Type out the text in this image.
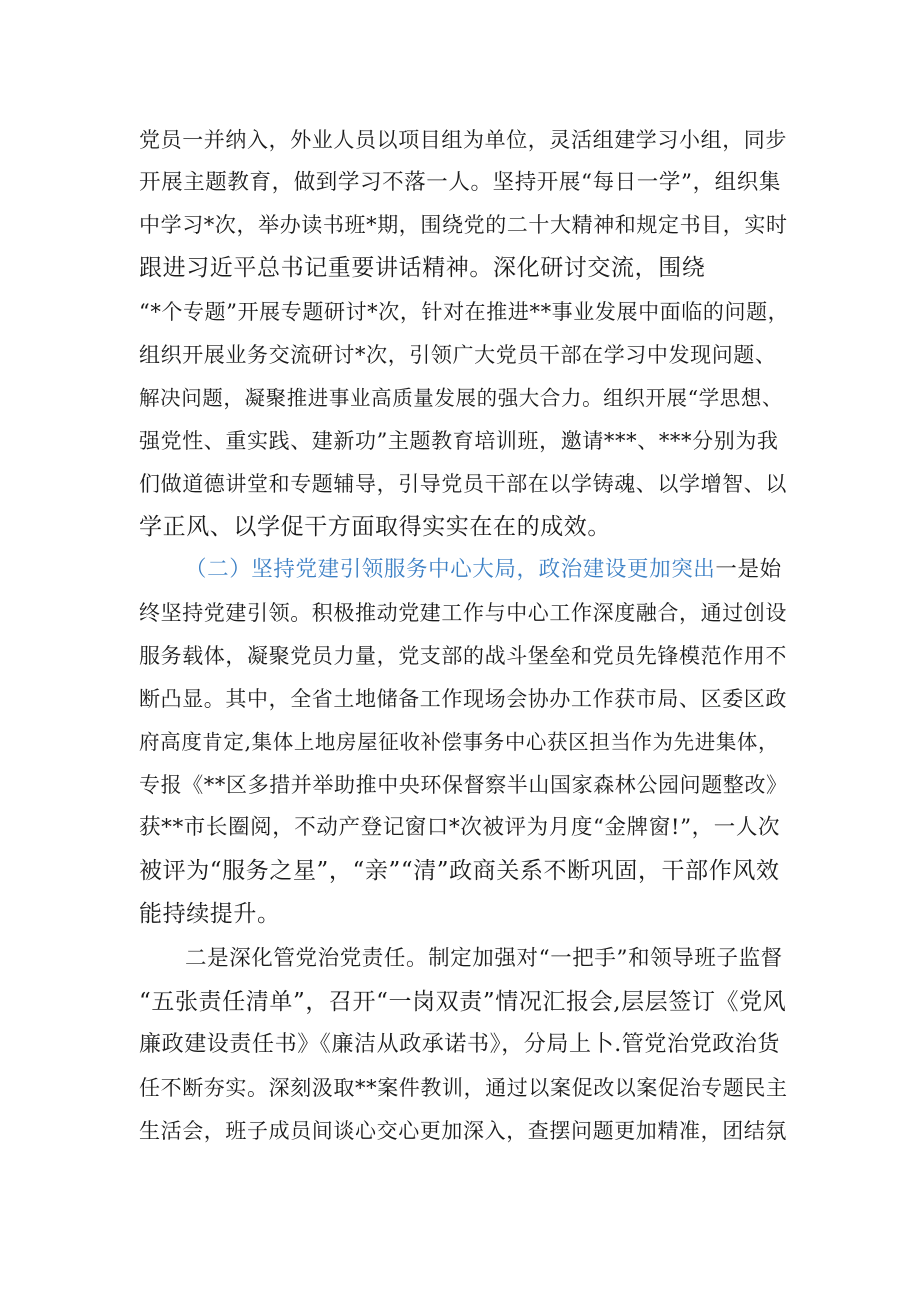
党员一并纳入，外业人员以项目组为单位，灵活组建学习小组，同步
开展主题教育，做到学习不落一人。坚持开展“每日一学”，组织集
中学习*次，举办读书班*期，围绕党的二十大精神和规定书目，实时
跟进习近平总书记重要讲话精神。深化研讨交流，围绕
“*个专题”开展专题研讨*次，针对在推进**事业发展中面临的问题，
组织开展业务交流研讨*次，引领广大党员干部在学习中发现问题、
解决问题，凝聚推进事业高质量发展的强大合力。组织开展“学思想、
强党性、重实践、建新功”主题教育培训班，邀请***、***分别为我
们做道德讲堂和专题辅导，引导党员干部在以学铸魂、以学增智、以
学正风、以学促干方面取得实实在在的成效。
（二）坚持党建引领服务中心大局，政治建设更加突出一是始
终坚持党建引领。积极推动党建工作与中心工作深度融合，通过创设
服务载体，凝聚党员力量，党支部的战斗堡垒和党员先锋模范作用不
断凸显。其中，全省土地储备工作现场会协办工作获市局、区委区政
府高度肯定,集体上地房屋征收补偿事务中心获区担当作为先进集体，
专报《**区多措并举助推中央环保督察半山国家森林公园问题整改》
获**市长圈阅，不动产登记窗口*次被评为月度“金牌窗!”，一人次
被评为“服务之星”，“亲”“清”政商关系不断巩固，干部作风效
能持续提升。
二是深化管党治党责任。制定加强对“一把手”和领导班子监督
“五张责任清单”，召开“一岗双责”情况汇报会,层层签订《党风
廉政建设责任书》《廉洁从政承诺书》，分局上卜.管党治党政治货
任不断夯实。深刻汲取**案件教训，通过以案促改以案促治专题民主
生活会，班子成员间谈心交心更加深入，查摆问题更加精准，团结氛
